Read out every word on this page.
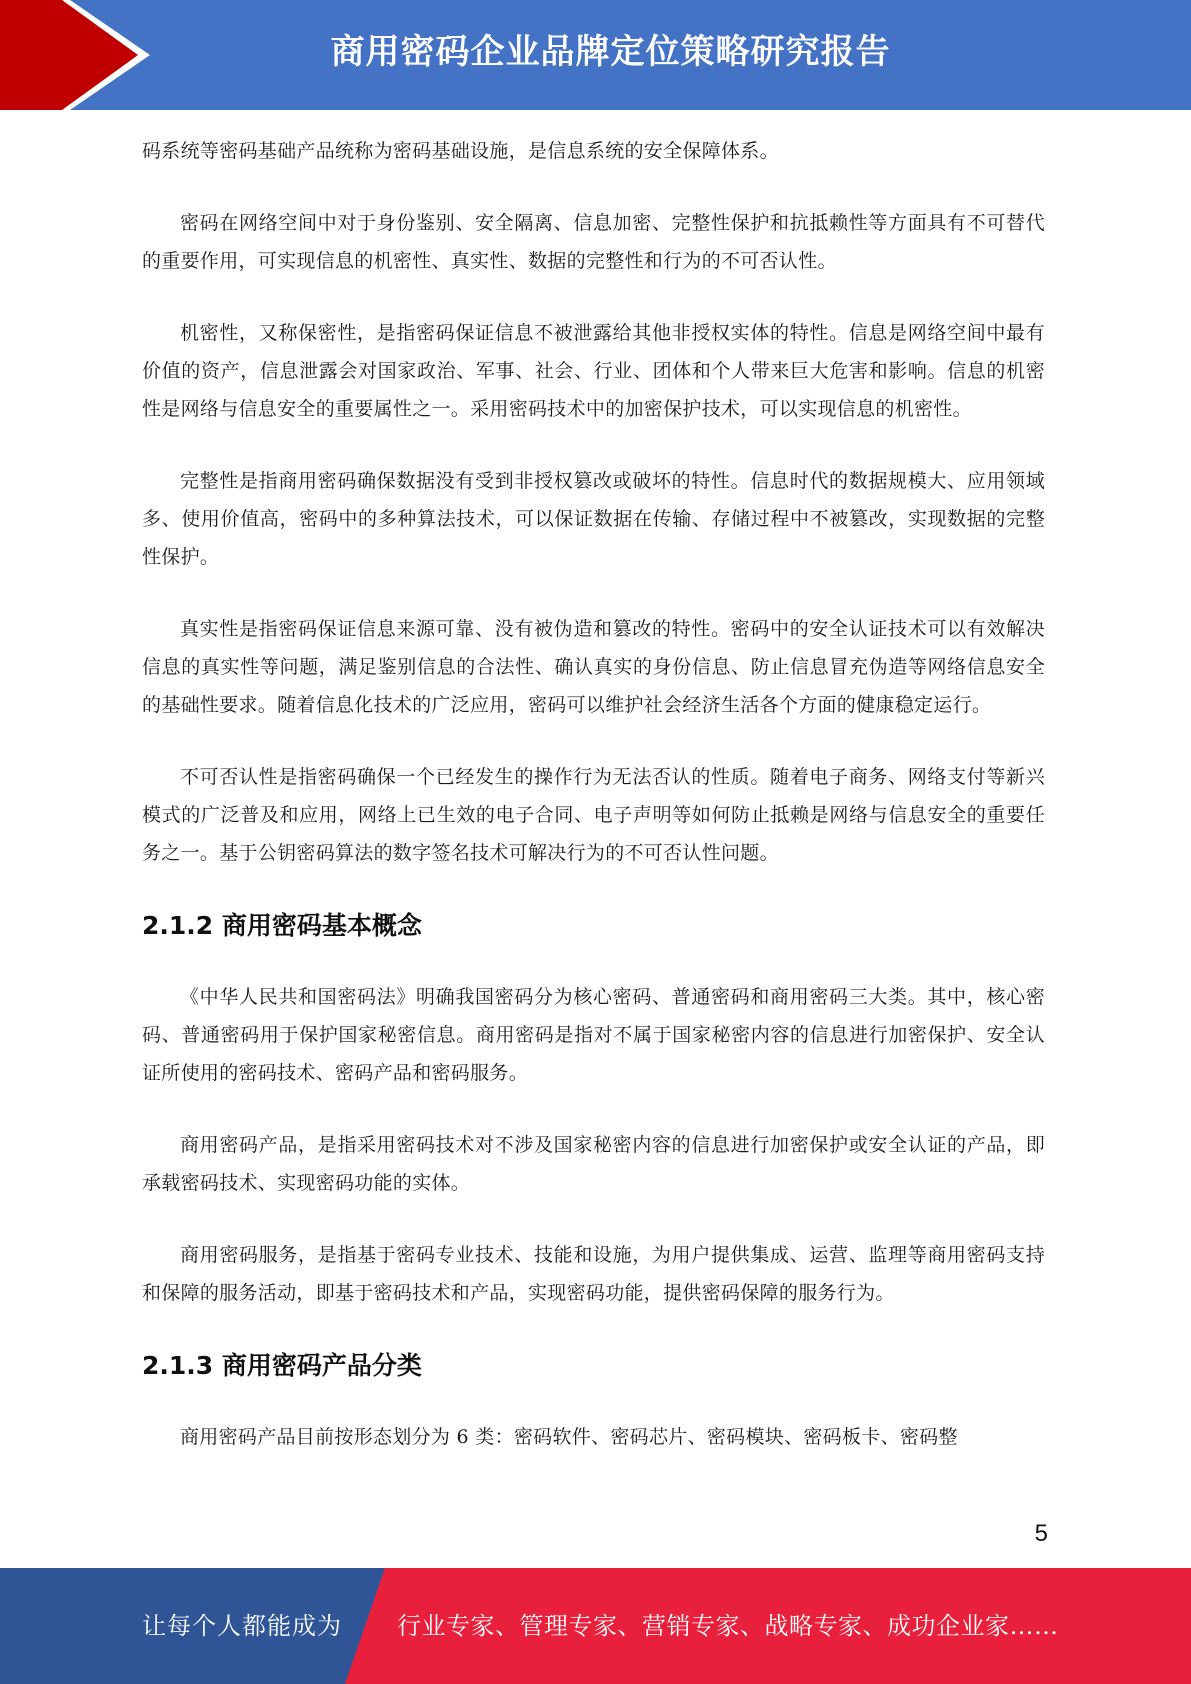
商用密码企业品牌定位策略研究报告

码系统等密码基础产品统称为密码基础设施，是信息系统的安全保障体系。

密码在网络空间中对于身份鉴别、安全隔离、信息加密、完整性保护和抗抵赖性等方面具有不可替代的重要作用，可实现信息的机密性、真实性、数据的完整性和行为的不可否认性。

机密性，又称保密性，是指密码保证信息不被泄露给其他非授权实体的特性。信息是网络空间中最有价值的资产，信息泄露会对国家政治、军事、社会、行业、团体和个人带来巨大危害和影响。信息的机密性是网络与信息安全的重要属性之一。采用密码技术中的加密保护技术，可以实现信息的机密性。

完整性是指商用密码确保数据没有受到非授权篡改或破坏的特性。信息时代的数据规模大、应用领域多、使用价值高，密码中的多种算法技术，可以保证数据在传输、存储过程中不被篡改，实现数据的完整性保护。

真实性是指密码保证信息来源可靠、没有被伪造和篡改的特性。密码中的安全认证技术可以有效解决信息的真实性等问题，满足鉴别信息的合法性、确认真实的身份信息、防止信息冒充伪造等网络信息安全的基础性要求。随着信息化技术的广泛应用，密码可以维护社会经济生活各个方面的健康稳定运行。

不可否认性是指密码确保一个已经发生的操作行为无法否认的性质。随着电子商务、网络支付等新兴模式的广泛普及和应用，网络上已生效的电子合同、电子声明等如何防止抵赖是网络与信息安全的重要任务之一。基于公钥密码算法的数字签名技术可解决行为的不可否认性问题。

2.1.2 商用密码基本概念

《中华人民共和国密码法》明确我国密码分为核心密码、普通密码和商用密码三大类。其中，核心密码、普通密码用于保护国家秘密信息。商用密码是指对不属于国家秘密内容的信息进行加密保护、安全认证所使用的密码技术、密码产品和密码服务。

商用密码产品，是指采用密码技术对不涉及国家秘密内容的信息进行加密保护或安全认证的产品，即承载密码技术、实现密码功能的实体。

商用密码服务，是指基于密码专业技术、技能和设施，为用户提供集成、运营、监理等商用密码支持和保障的服务活动，即基于密码技术和产品，实现密码功能，提供密码保障的服务行为。

2.1.3 商用密码产品分类

商用密码产品目前按形态划分为 6 类：密码软件、密码芯片、密码模块、密码板卡、密码整

5
让每个人都能成为 行业专家、管理专家、营销专家、战略专家、成功企业家……
